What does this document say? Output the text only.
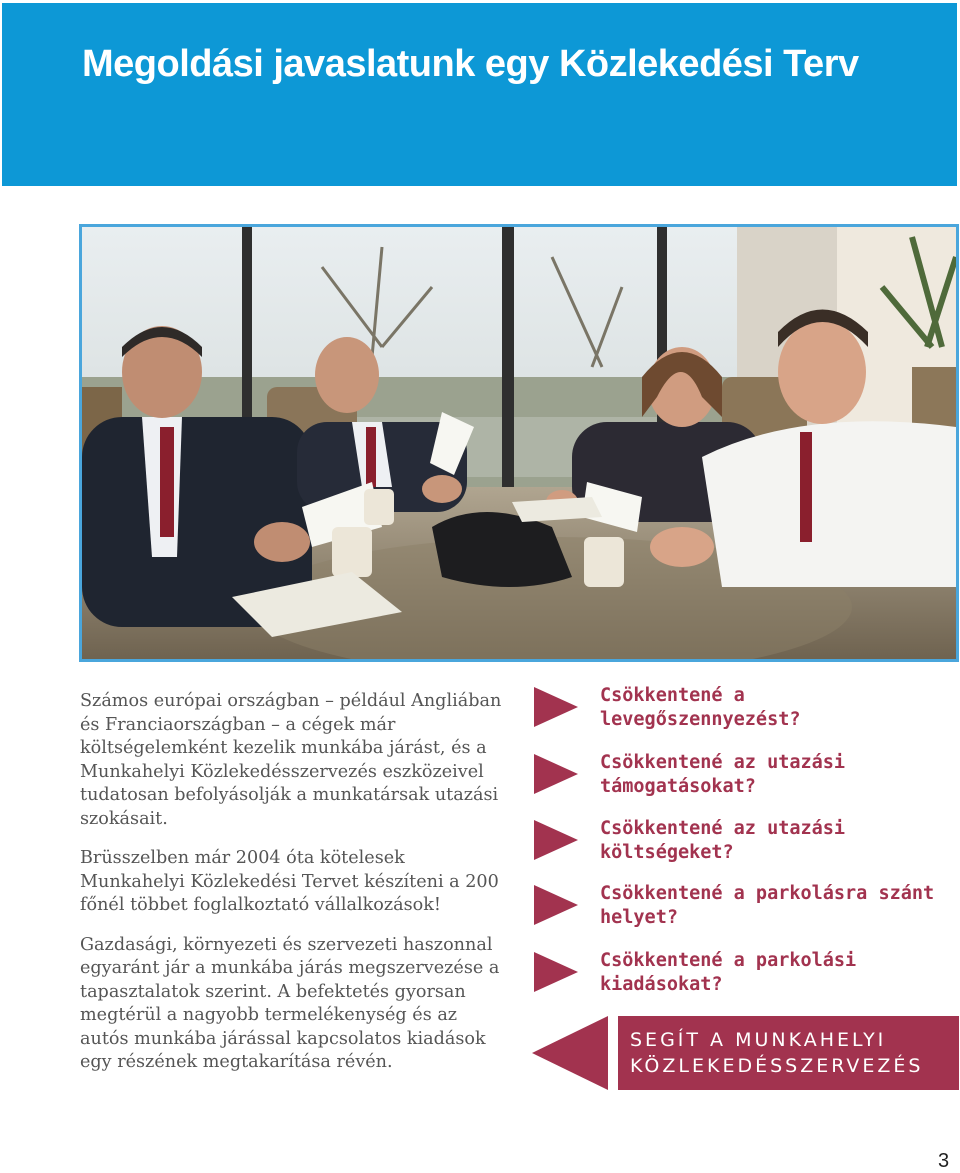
Megoldási javaslatunk egy Közlekedési Terv

Számos európai országban – például Angliában és Franciaországban – a cégek már költségelemként kezelik munkába járást, és a Munkahelyi Közlekedésszervezés eszközeivel tudatosan befolyásolják a munkatársak utazási szokásait.

Brüsszelben már 2004 óta kötelesek Munkahelyi Közlekedési Tervet készíteni a 200 főnél többet foglalkoztató vállalkozások!

Gazdasági, környezeti és szervezeti haszonnal egyaránt jár a munkába járás megszervezése a tapasztalatok szerint. A befektetés gyorsan megtérül a nagyobb termelékenység és az autós munkába járással kapcsolatos kiadások egy részének megtakarítása révén.

Csökkentené a levegőszennyezést?

Csökkentené az utazási támogatásokat?

Csökkentené az utazási költségeket?

Csökkentené a parkolásra szánt helyet?

Csökkentené a parkolási kiadásokat?

SEGÍT A MUNKAHELYI
KÖZLEKEDÉSSZERVEZÉS
3
